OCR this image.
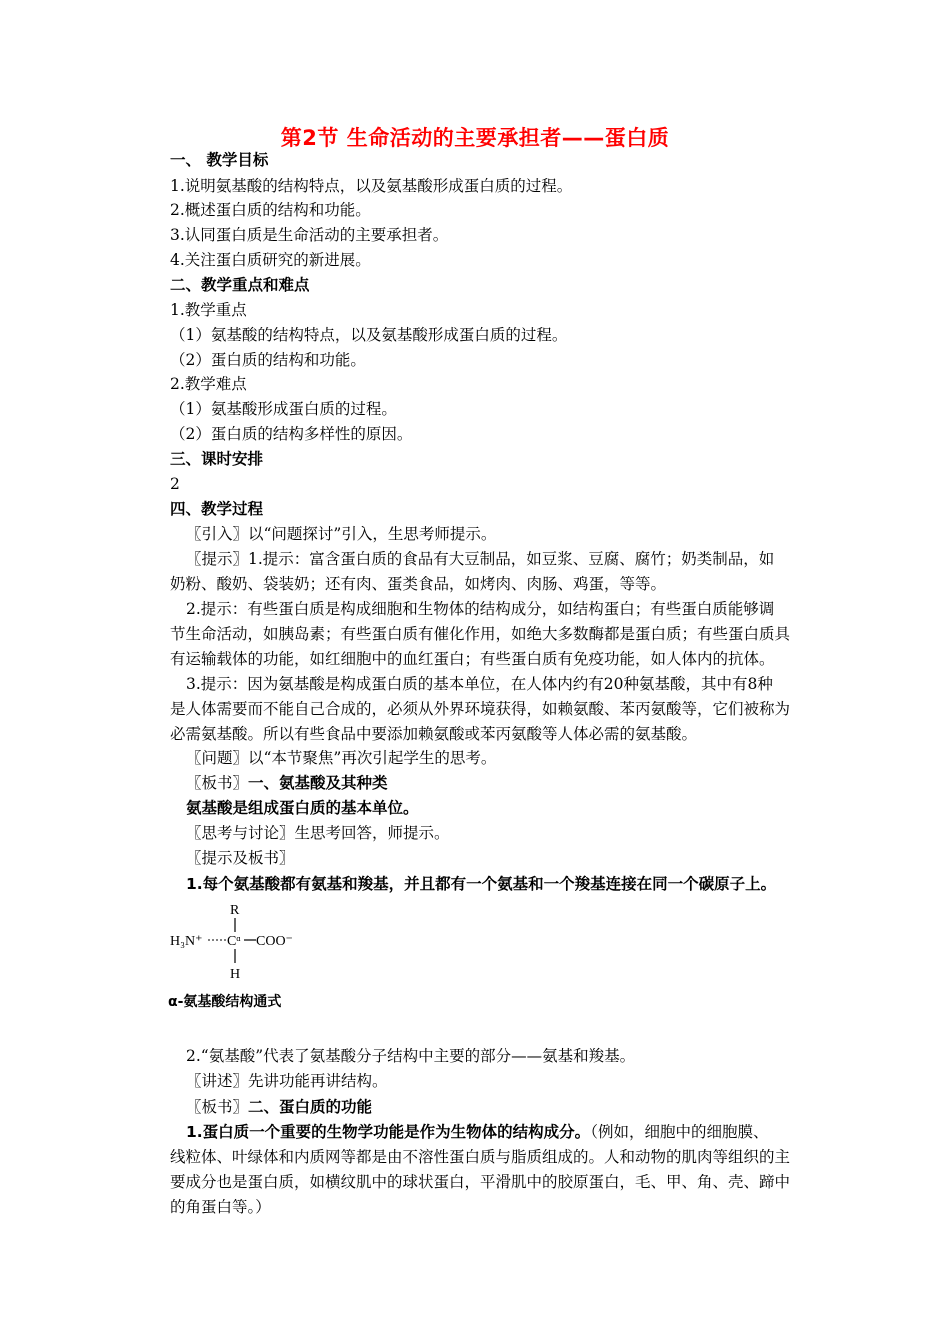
第2节 生命活动的主要承担者——蛋白质
一、 教学目标
1.说明氨基酸的结构特点，以及氨基酸形成蛋白质的过程。
2.概述蛋白质的结构和功能。
3.认同蛋白质是生命活动的主要承担者。
4.关注蛋白质研究的新进展。
二、教学重点和难点
1.教学重点
（1）氨基酸的结构特点，以及氨基酸形成蛋白质的过程。
（2）蛋白质的结构和功能。
2.教学难点
（1）氨基酸形成蛋白质的过程。
（2）蛋白质的结构多样性的原因。
三、课时安排
2
四、教学过程
〖引入〗以“问题探讨”引入，生思考师提示。
〖提示〗1.提示：富含蛋白质的食品有大豆制品，如豆浆、豆腐、腐竹；奶类制品，如
奶粉、酸奶、袋装奶；还有肉、蛋类食品，如烤肉、肉肠、鸡蛋，等等。
2.提示：有些蛋白质是构成细胞和生物体的结构成分，如结构蛋白；有些蛋白质能够调
节生命活动，如胰岛素；有些蛋白质有催化作用，如绝大多数酶都是蛋白质；有些蛋白质具
有运输载体的功能，如红细胞中的血红蛋白；有些蛋白质有免疫功能，如人体内的抗体。
3.提示：因为氨基酸是构成蛋白质的基本单位，在人体内约有20种氨基酸，其中有8种
是人体需要而不能自己合成的，必须从外界环境获得，如赖氨酸、苯丙氨酸等，它们被称为
必需氨基酸。所以有些食品中要添加赖氨酸或苯丙氨酸等人体必需的氨基酸。
〖问题〗以“本节聚焦”再次引起学生的思考。
〖板书〗一、氨基酸及其种类
氨基酸是组成蛋白质的基本单位。
〖思考与讨论〗生思考回答，师提示。
〖提示及板书〗
1.每个氨基酸都有氨基和羧基，并且都有一个氨基和一个羧基连接在同一个碳原子上。
2.“氨基酸”代表了氨基酸分子结构中主要的部分——氨基和羧基。
〖讲述〗先讲功能再讲结构。
〖板书〗二、蛋白质的功能
1.蛋白质一个重要的生物学功能是作为生物体的结构成分。（例如，细胞中的细胞膜、
线粒体、叶绿体和内质网等都是由不溶性蛋白质与脂质组成的。人和动物的肌肉等组织的主
要成分也是蛋白质，如横纹肌中的球状蛋白，平滑肌中的胶原蛋白，毛、甲、角、壳、蹄中
的角蛋白等。）
R
H₃N⁺ Cᵅ COO⁻
H
α-氨基酸结构通式
